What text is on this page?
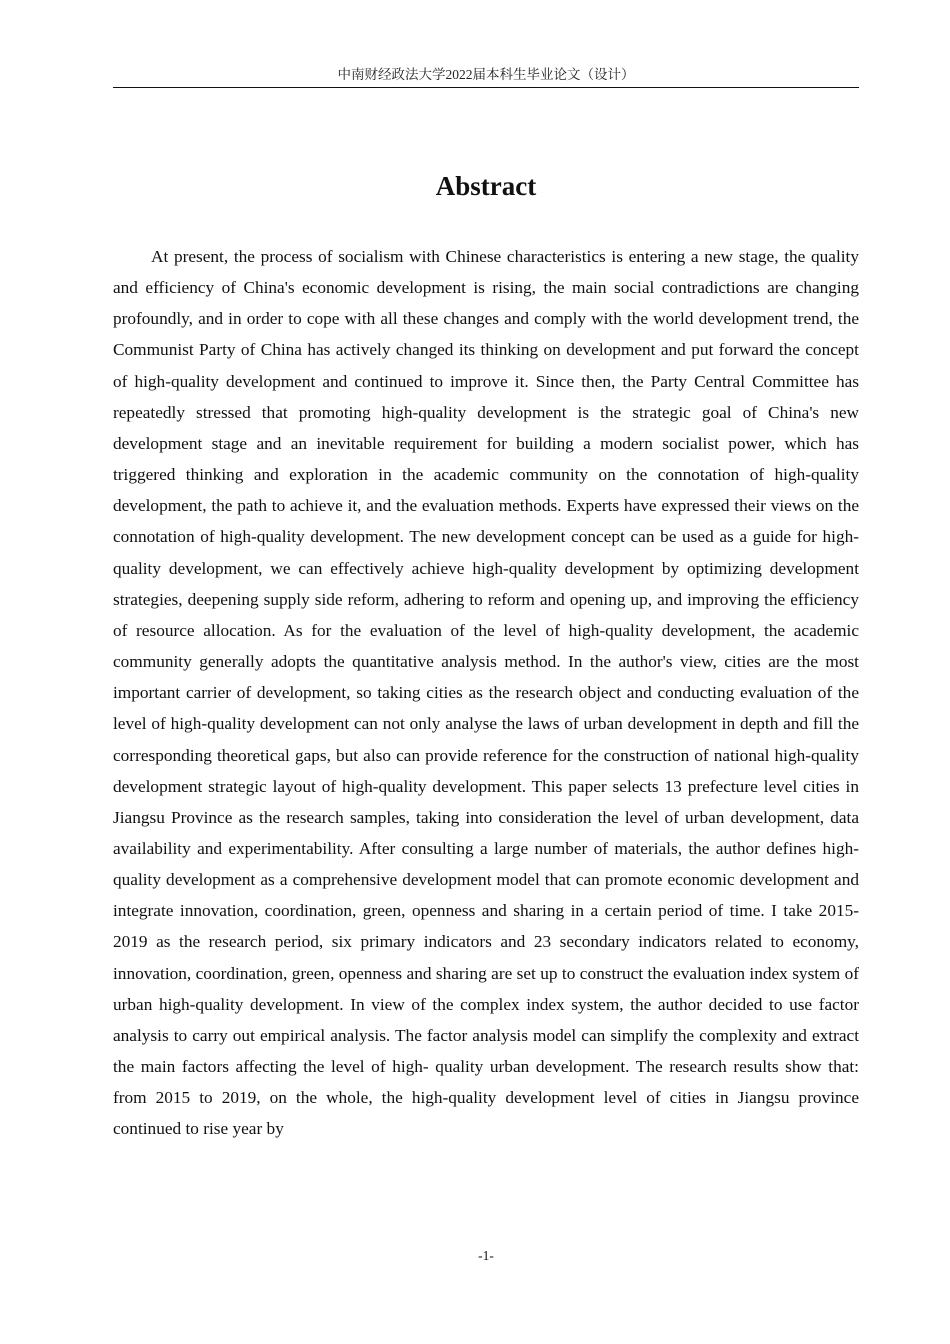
中南财经政法大学2022届本科生毕业论文（设计）
Abstract

At present, the process of socialism with Chinese characteristics is entering a new stage, the quality and efficiency of China's economic development is rising, the main social contradictions are changing profoundly, and in order to cope with all these changes and comply with the world development trend, the Communist Party of China has actively changed its thinking on development and put forward the concept of high-quality development and continued to improve it. Since then, the Party Central Committee has repeatedly stressed that promoting high-quality development is the strategic goal of China's new development stage and an inevitable requirement for building a modern socialist power, which has triggered thinking and exploration in the academic community on the connotation of high-quality development, the path to achieve it, and the evaluation methods. Experts have expressed their views on the connotation of high-quality development. The new development concept can be used as a guide for high-quality development, we can effectively achieve high-quality development by optimizing development strategies, deepening supply side reform, adhering to reform and opening up, and improving the efficiency of resource allocation. As for the evaluation of the level of high-quality development, the academic community generally adopts the quantitative analysis method. In the author's view, cities are the most important carrier of development, so taking cities as the research object and conducting evaluation of the level of high-quality development can not only analyse the laws of urban development in depth and fill the corresponding theoretical gaps, but also can provide reference for the construction of national high-quality development strategic layout of high-quality development. This paper selects 13 prefecture level cities in Jiangsu Province as the research samples, taking into consideration the level of urban development, data availability and experimentability. After consulting a large number of materials, the author defines high-quality development as a comprehensive development model that can promote economic development and integrate innovation, coordination, green, openness and sharing in a certain period of time. I take 2015-2019 as the research period, six primary indicators and 23 secondary indicators related to economy, innovation, coordination, green, openness and sharing are set up to construct the evaluation index system of urban high-quality development. In view of the complex index system, the author decided to use factor analysis to carry out empirical analysis. The factor analysis model can simplify the complexity and extract the main factors affecting the level of high- quality urban development. The research results show that: from 2015 to 2019, on the whole, the high-quality development level of cities in Jiangsu province continued to rise year by

-1-
